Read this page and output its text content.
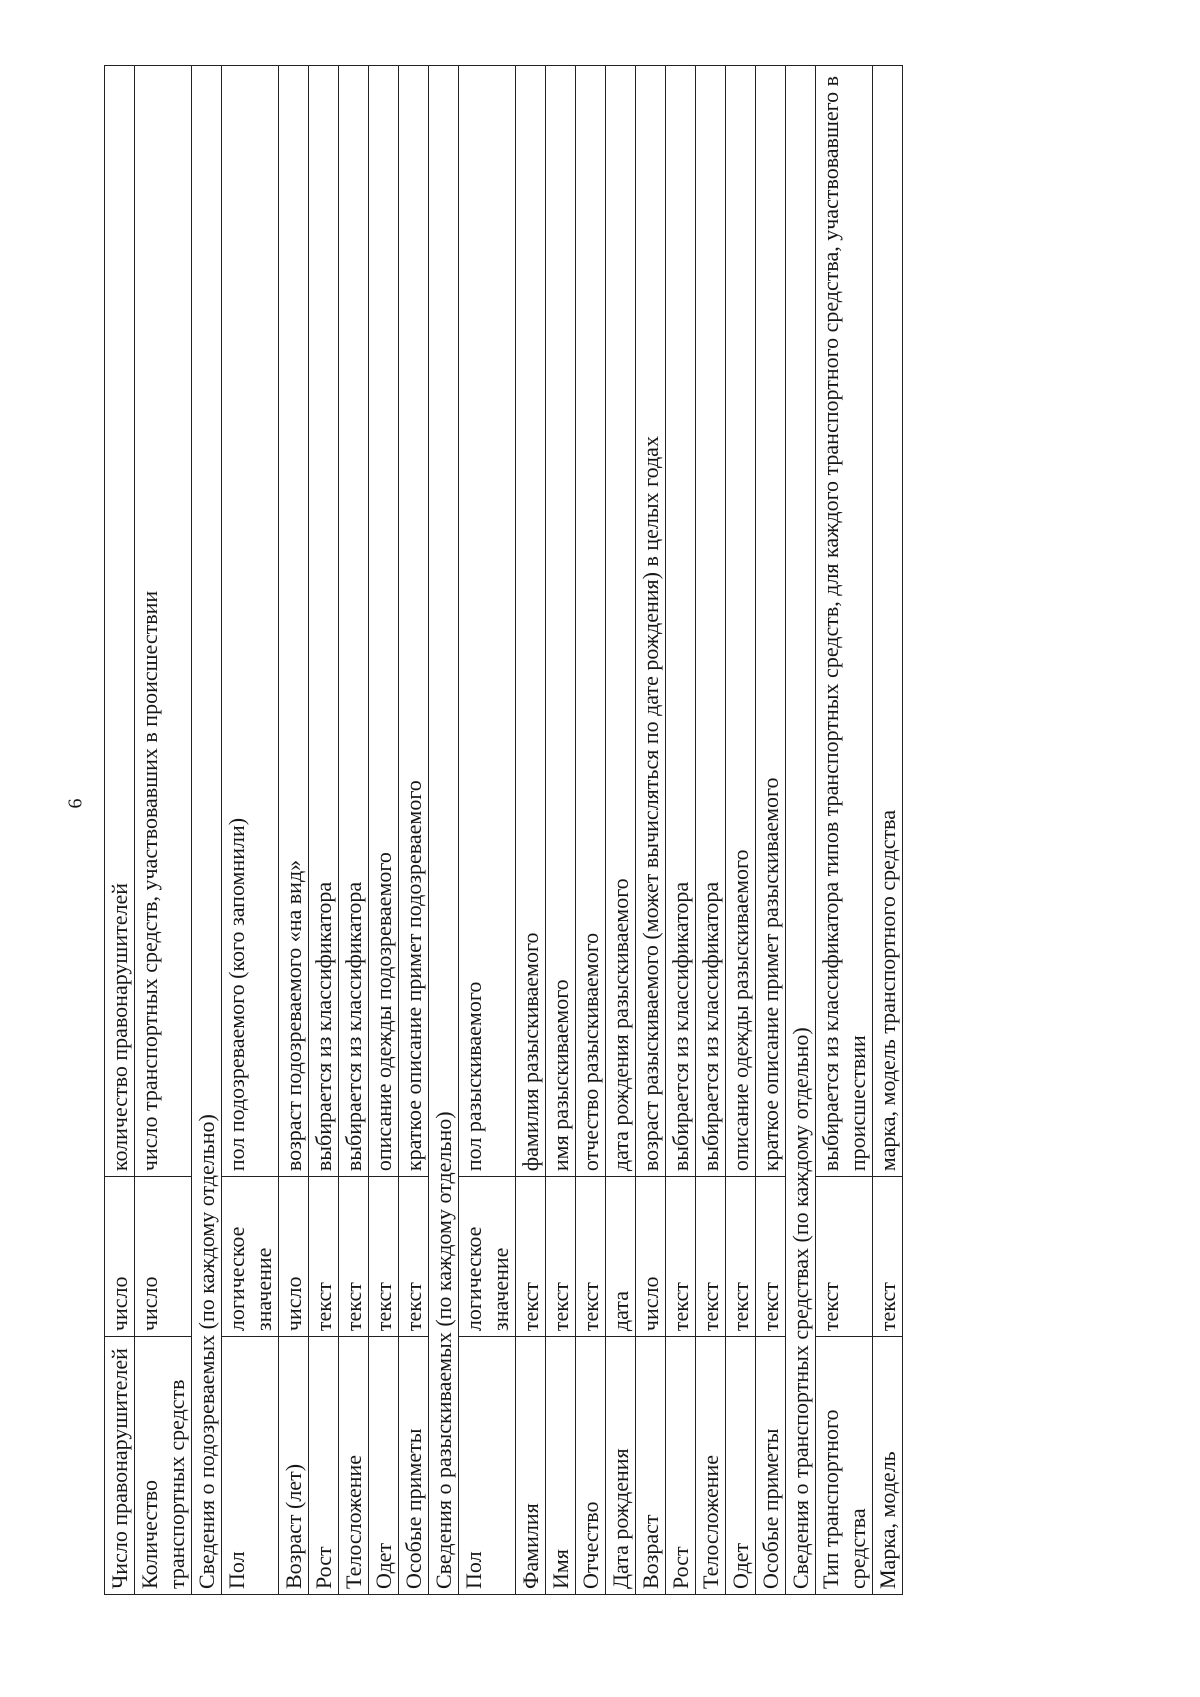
6
Число правонарушителей	число	количество правонарушителей
Количество транспортных средств	число	число транспортных средств, участвовавших в происшествии
Сведения о подозреваемых (по каждому отдельно)		
Пол	логическое значение	пол подозреваемого (кого запомнили)
Возраст (лет)	число	возраст подозреваемого «на вид»
Рост	текст	выбирается из классификатора
Телосложение	текст	выбирается из классификатора
Одет	текст	описание одежды подозреваемого
Особые приметы	текст	краткое описание примет подозреваемого
Сведения о разыскиваемых (по каждому отдельно)		
Пол	логическое значение	пол разыскиваемого
Фамилия	текст	фамилия разыскиваемого
Имя	текст	имя разыскиваемого
Отчество	текст	отчество разыскиваемого
Дата рождения	дата	дата рождения разыскиваемого
Возраст	число	возраст разыскиваемого (может вычисляться по дате рождения) в целых годах
Рост	текст	выбирается из классификатора
Телосложение	текст	выбирается из классификатора
Одет	текст	описание одежды разыскиваемого
Особые приметы	текст	краткое описание примет разыскиваемого
Сведения о транспортных средствах (по каждому отдельно)		
Тип транспортного средства	текст	выбирается из классификатора типов транспортных средств, для каждого транспортного средства, участвовавшего в происшествии
Марка, модель	текст	марка, модель транспортного средства
